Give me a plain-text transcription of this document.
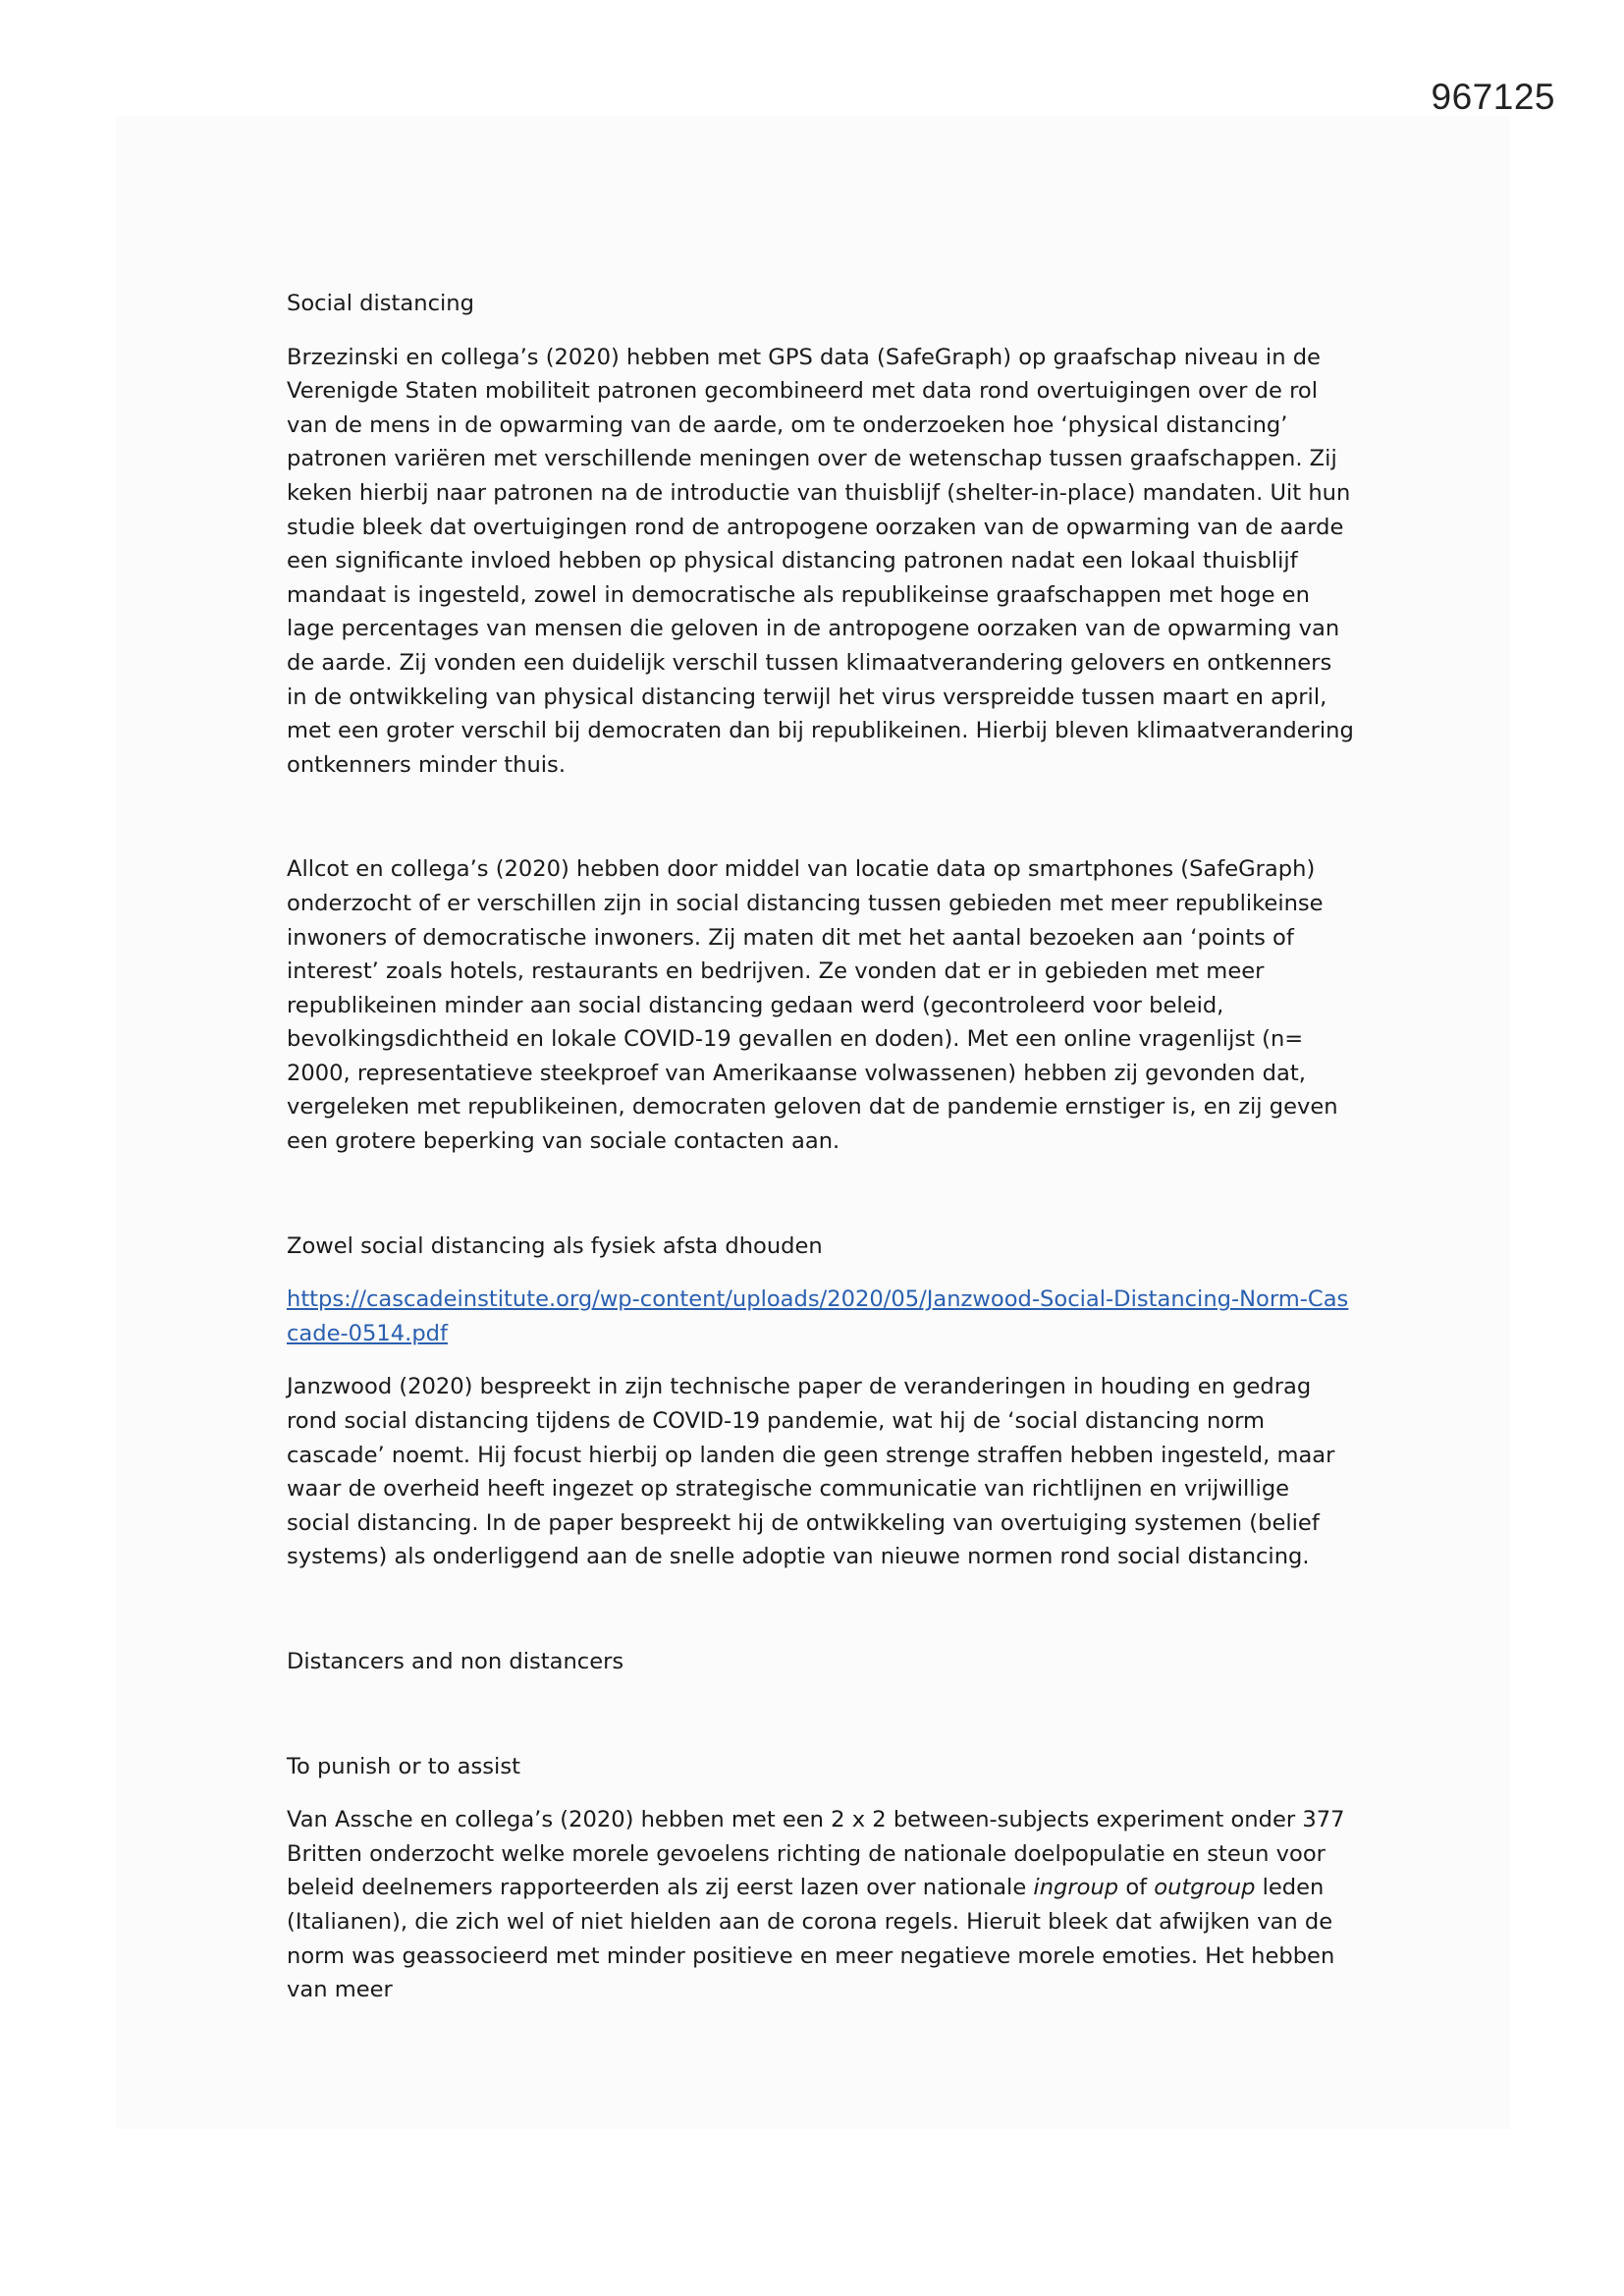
967125
Social distancing

Brzezinski en collega’s (2020) hebben met GPS data (SafeGraph) op graafschap niveau in de Verenigde Staten mobiliteit patronen gecombineerd met data rond overtuigingen over de rol van de mens in de opwarming van de aarde, om te onderzoeken hoe ‘physical distancing’ patronen variëren met verschillende meningen over de wetenschap tussen graafschappen. Zij keken hierbij naar patronen na de introductie van thuisblijf (shelter-in-place) mandaten. Uit hun studie bleek dat overtuigingen rond de antropogene oorzaken van de opwarming van de aarde een significante invloed hebben op physical distancing patronen nadat een lokaal thuisblijf mandaat is ingesteld, zowel in democratische als republikeinse graafschappen met hoge en lage percentages van mensen die geloven in de antropogene oorzaken van de opwarming van de aarde. Zij vonden een duidelijk verschil tussen klimaatverandering gelovers en ontkenners in de ontwikkeling van physical distancing terwijl het virus verspreidde tussen maart en april, met een groter verschil bij democraten dan bij republikeinen. Hierbij bleven klimaatverandering ontkenners minder thuis.

Allcot en collega’s (2020) hebben door middel van locatie data op smartphones (SafeGraph) onderzocht of er verschillen zijn in social distancing tussen gebieden met meer republikeinse inwoners of democratische inwoners. Zij maten dit met het aantal bezoeken aan ‘points of interest’ zoals hotels, restaurants en bedrijven. Ze vonden dat er in gebieden met meer republikeinen minder aan social distancing gedaan werd (gecontroleerd voor beleid, bevolkingsdichtheid en lokale COVID-19 gevallen en doden). Met een online vragenlijst (n= 2000, representatieve steekproef van Amerikaanse volwassenen) hebben zij gevonden dat, vergeleken met republikeinen, democraten geloven dat de pandemie ernstiger is, en zij geven een grotere beperking van sociale contacten aan.

Zowel social distancing als fysiek afsta dhouden
https://cascadeinstitute.org/wp-content/uploads/2020/05/Janzwood-Social-Distancing-Norm-Cascade-0514.pdf

Janzwood (2020) bespreekt in zijn technische paper de veranderingen in houding en gedrag rond social distancing tijdens de COVID-19 pandemie, wat hij de ‘social distancing norm cascade’ noemt. Hij focust hierbij op landen die geen strenge straffen hebben ingesteld, maar waar de overheid heeft ingezet op strategische communicatie van richtlijnen en vrijwillige social distancing. In de paper bespreekt hij de ontwikkeling van overtuiging systemen (belief systems) als onderliggend aan de snelle adoptie van nieuwe normen rond social distancing.

Distancers and non distancers
To punish or to assist

Van Assche en collega’s (2020) hebben met een 2 x 2 between-subjects experiment onder 377 Britten onderzocht welke morele gevoelens richting de nationale doelpopulatie en steun voor beleid deelnemers rapporteerden als zij eerst lazen over nationale ingroup of outgroup leden (Italianen), die zich wel of niet hielden aan de corona regels. Hieruit bleek dat afwijken van de norm was geassocieerd met minder positieve en meer negatieve morele emoties. Het hebben van meer
